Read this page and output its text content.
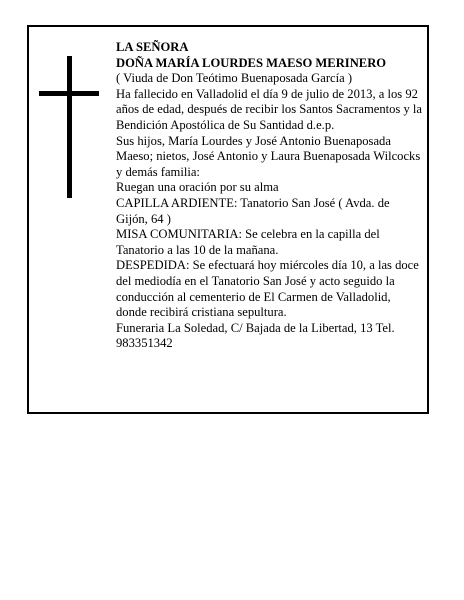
LA SEÑORA

DOÑA MARÍA LOURDES MAESO MERINERO

( Viuda de Don Teótimo Buenaposada García )

Ha fallecido en Valladolid el día 9 de julio de 2013, a los 92 años de edad, después de recibir los Santos Sacramentos y la Bendición Apostólica de Su Santidad d.e.p.

Sus hijos, María Lourdes y José Antonio Buenaposada Maeso; nietos, José Antonio y Laura Buenaposada Wilcocks y demás familia:

Ruegan una oración por su alma

CAPILLA ARDIENTE: Tanatorio San José ( Avda. de Gijón, 64 )

MISA COMUNITARIA: Se celebra en la capilla del Tanatorio a las 10 de la mañana.

DESPEDIDA: Se efectuará hoy miércoles día 10, a las doce del mediodía en el Tanatorio San José y acto seguido la conducción al cementerio de El Carmen de Valladolid, donde recibirá cristiana sepultura.

Funeraria La Soledad, C/ Bajada de la Libertad, 13 Tel. 983351342
